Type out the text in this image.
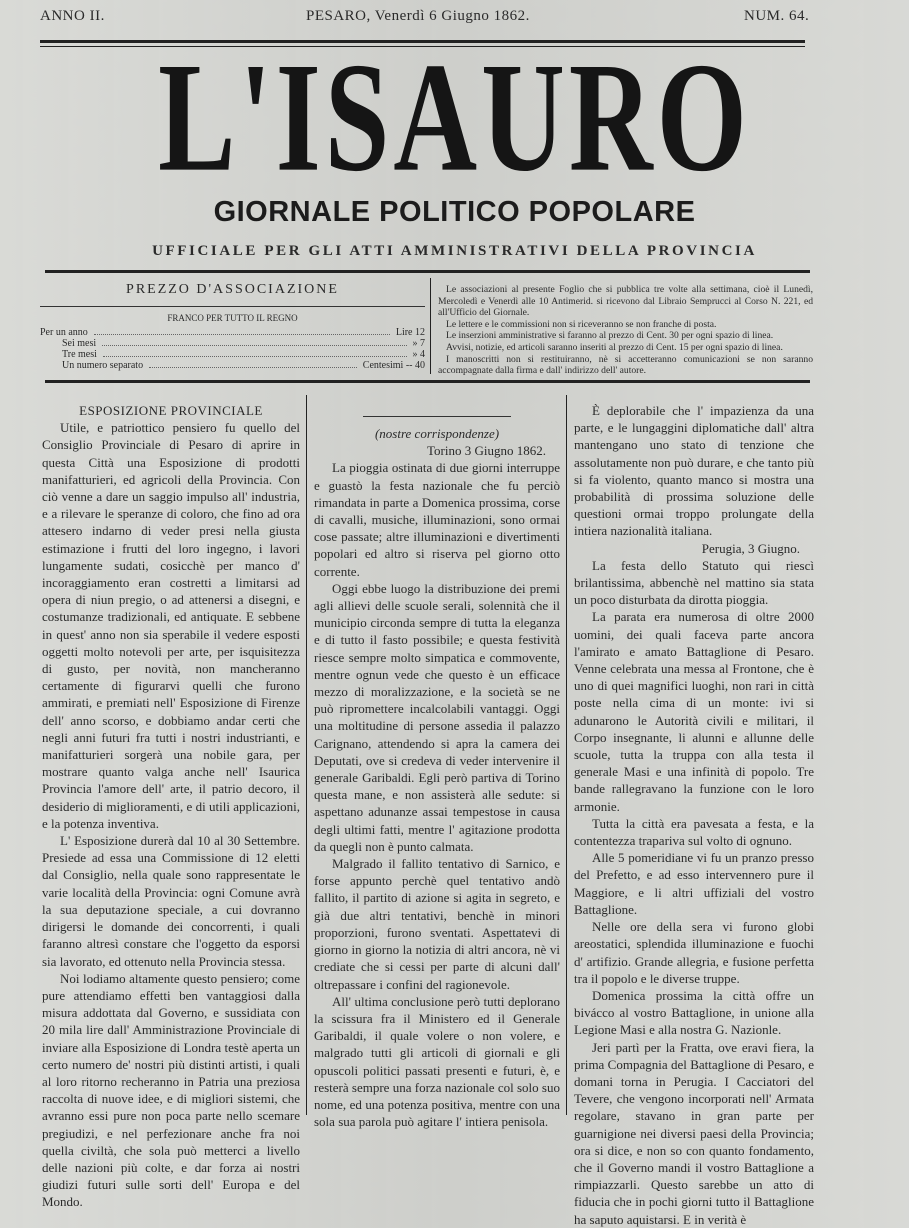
ANNO II.	PESARO, Venerdì 6 Giugno 1862.	NUM. 64.
L'ISAURO
GIORNALE POLITICO POPOLARE
UFFICIALE PER GLI ATTI AMMINISTRATIVI DELLA PROVINCIA
PREZZO D'ASSOCIAZIONE
FRANCO PER TUTTO IL REGNO
Per un anno	Lire 12
Sei mesi	» 7
Tre mesi	» 4
Un numero separato	Centesimi -- 40

Le associazioni al presente Foglio che si pubblica tre volte alla settimana, cioè il Lunedì, Mercoledì e Venerdì alle 10 Antimerid. si ricevono dal Libraio Semprucci al Corso N. 221, ed all'Ufficio del Giornale.

Le lettere e le commissioni non si riceveranno se non franche di posta.

Le inserzioni amministrative si faranno al prezzo di Cent. 30 per ogni spazio di linea.

Avvisi, notizie, ed articoli saranno inseriti al prezzo di Cent. 15 per ogni spazio di linea.

I manoscritti non si restituiranno, nè si accetteranno comunicazioni se non saranno accompagnate dalla firma e dall' indirizzo dell' autore.

ESPOSIZIONE PROVINCIALE

Utile, e patriottico pensiero fu quello del Consiglio Provinciale di Pesaro di aprire in questa Città una Esposizione di prodotti manifatturieri, ed agricoli della Provincia. Con ciò venne a dare un saggio impulso all' industria, e a rilevare le speranze di coloro, che fino ad ora attesero indarno di veder presi nella giusta estimazione i frutti del loro ingegno, i lavori lungamente sudati, cosicchè per manco d' incoraggiamento eran costretti a limitarsi ad opera di niun pregio, o ad attenersi a disegni, e costumanze tradizionali, ed antiquate. E sebbene in quest' anno non sia sperabile il vedere esposti oggetti molto notevoli per arte, per isquisitezza di gusto, per novità, non mancheranno certamente di figurarvi quelli che furono ammirati, e premiati nell' Esposizione di Firenze dell' anno scorso, e dobbiamo andar certi che negli anni futuri fra tutti i nostri industrianti, e manifatturieri sorgerà una nobile gara, per mostrare quanto valga anche nell' Isaurica Provincia l'amore dell' arte, il patrio decoro, il desiderio di miglioramenti, e di utili applicazioni, e la potenza inventiva.

L' Esposizione durerà dal 10 al 30 Settembre. Presiede ad essa una Commissione di 12 eletti dal Consiglio, nella quale sono rappresentate le varie località della Provincia: ogni Comune avrà la sua deputazione speciale, a cui dovranno dirigersi le domande dei concorrenti, i quali faranno altresì constare che l'oggetto da esporsi sia lavorato, ed ottenuto nella Provincia stessa.

Noi lodiamo altamente questo pensiero; come pure attendiamo effetti ben vantaggiosi dalla misura addottata dal Governo, e sussidiata con 20 mila lire dall' Amministrazione Provinciale di inviare alla Esposizione di Londra testè aperta un certo numero de' nostri più distinti artisti, i quali al loro ritorno recheranno in Patria una preziosa raccolta di nuove idee, e di migliori sistemi, che avranno essi pure non poca parte nello scemare pregiudizi, e nel perfezionare anche fra noi quella civiltà, che sola può metterci a livello delle nazioni più colte, e dar forza ai nostri giudizi futuri sulle sorti dell' Europa e del Mondo.

(nostre corrispondenze)

Torino 3 Giugno 1862.

La pioggia ostinata di due giorni interruppe e guastò la festa nazionale che fu perciò rimandata in parte a Domenica prossima, corse di cavalli, musiche, illuminazioni, sono ormai cose passate; altre illuminazioni e divertimenti popolari ed altro si riserva pel giorno otto corrente.

Oggi ebbe luogo la distribuzione dei premi agli allievi delle scuole serali, solennità che il municipio circonda sempre di tutta la eleganza e di tutto il fasto possibile; e questa festività riesce sempre molto simpatica e commovente, mentre ognun vede che questo è un efficace mezzo di moralizzazione, e la società se ne può ripromettere incalcolabili vantaggi. Oggi una moltitudine di persone assedia il palazzo Carignano, attendendo si apra la camera dei Deputati, ove si credeva di veder intervenire il generale Garibaldi. Egli però partiva di Torino questa mane, e non assisterà alle sedute: si aspettano adunanze assai tempestose in causa degli ultimi fatti, mentre l' agitazione prodotta da quegli non è punto calmata.

Malgrado il fallito tentativo di Sarnico, e forse appunto perchè quel tentativo andò fallito, il partito di azione si agita in segreto, e già due altri tentativi, benchè in minori proporzioni, furono sventati. Aspettatevi di giorno in giorno la notizia di altri ancora, nè vi crediate che si cessi per parte di alcuni dall' oltrepassare i confini del ragionevole.

All' ultima conclusione però tutti deplorano la scissura fra il Ministero ed il Generale Garibaldi, il quale volere o non volere, e malgrado tutti gli articoli di giornali e gli opuscoli politici passati presenti e futuri, è, e resterà sempre una forza nazionale col solo suo nome, ed una potenza positiva, mentre con una sola sua parola può agitare l' intiera penisola.

È deplorabile che l' impazienza da una parte, e le lungaggini diplomatiche dall' altra mantengano uno stato di tenzione che assolutamente non può durare, e che tanto più si fa violento, quanto manco si mostra una probabilità di prossima soluzione delle questioni ormai troppo prolungate della intiera nazionalità italiana.

Perugia, 3 Giugno.

La festa dello Statuto qui riescì brilantissima, abbenchè nel mattino sia stata un poco disturbata da dirotta pioggia.

La parata era numerosa di oltre 2000 uomini, dei quali faceva parte ancora l'amirato e amato Battaglione di Pesaro. Venne celebrata una messa al Frontone, che è uno di quei magnifici luoghi, non rari in città poste nella cima di un monte: ivi si adunarono le Autorità civili e militari, il Corpo insegnante, li alunni e allunne delle scuole, tutta la truppa con alla testa il generale Masi e una infinità di popolo. Tre bande rallegravano la funzione con le loro armonie.

Tutta la città era pavesata a festa, e la contentezza trapariva sul volto di ognuno.

Alle 5 pomeridiane vi fu un pranzo presso del Prefetto, e ad esso intervennero pure il Maggiore, e li altri uffiziali del vostro Battaglione.

Nelle ore della sera vi furono globi areostatici, splendida illuminazione e fuochi d' artifizio. Grande allegria, e fusione perfetta tra il popolo e le diverse truppe.

Domenica prossima la città offre un bivácco al vostro Battaglione, in unione alla Legione Masi e alla nostra G. Nazionle.

Jeri partì per la Fratta, ove eravi fiera, la prima Compagnia del Battaglione di Pesaro, e domani torna in Perugia. I Cacciatori del Tevere, che vengono incorporati nell' Armata regolare, stavano in gran parte per guarnigione nei diversi paesi della Provincia; ora si dice, e non so con quanto fondamento, che il Governo mandi il vostro Battaglione a rimpiazzarli. Questo sarebbe un atto di fiducia che in pochi giorni tutto il Battaglione ha saputo aquistarsi. E in verità è
